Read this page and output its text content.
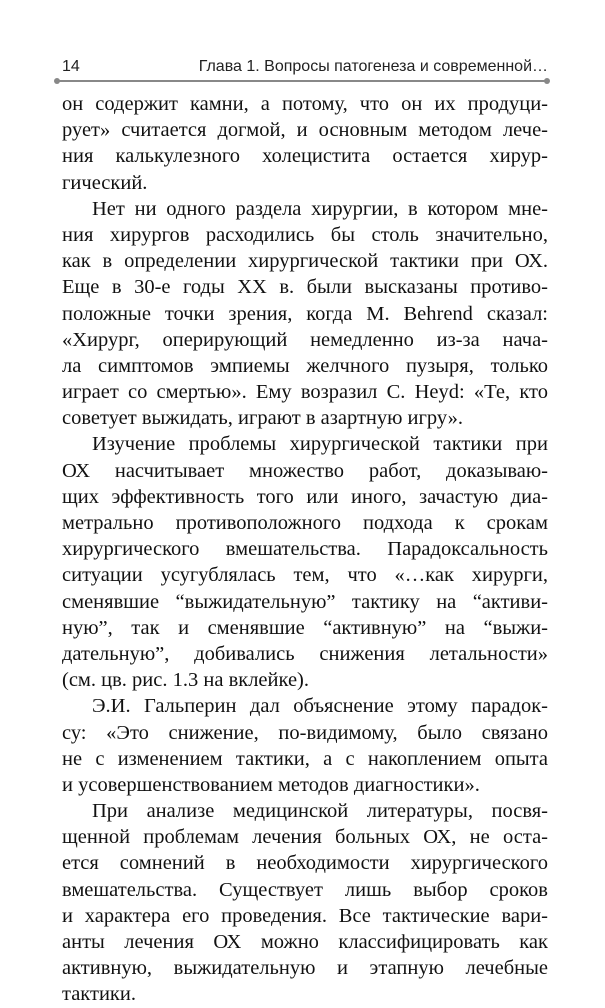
14	Глава 1. Вопросы патогенеза и современной…
он содержит камни, а потому, что он их продуци-
рует» считается догмой, и основным методом лече-
ния калькулезного холецистита остается хирур-
гический.
Нет ни одного раздела хирургии, в котором мне-
ния хирургов расходились бы столь значительно,
как в определении хирургической тактики при ОХ.
Еще в 30-е годы XX в. были высказаны противо-
положные точки зрения, когда M. Behrend сказал:
«Хирург, оперирующий немедленно из-за нача-
ла симптомов эмпиемы желчного пузыря, только
играет со смертью». Ему возразил C. Heyd: «Те, кто
советует выжидать, играют в азартную игру».
Изучение проблемы хирургической тактики при
ОХ насчитывает множество работ, доказываю-
щих эффективность того или иного, зачастую диа-
метрально противоположного подхода к срокам
хирургического вмешательства. Парадоксальность
ситуации усугублялась тем, что «…как хирурги,
сменявшие “выжидательную” тактику на “активи-
ную”, так и сменявшие “активную” на “выжи-
дательную”, добивались снижения летальности»
(см. цв. рис. 1.3 на вклейке).
Э.И. Гальперин дал объяснение этому парадок-
су: «Это снижение, по-видимому, было связано
не с изменением тактики, а с накоплением опыта
и усовершенствованием методов диагностики».
При анализе медицинской литературы, посвя-
щенной проблемам лечения больных ОХ, не оста-
ется сомнений в необходимости хирургического
вмешательства. Существует лишь выбор сроков
и характера его проведения. Все тактические вари-
анты лечения ОХ можно классифицировать как
активную, выжидательную и этапную лечебные
тактики.
